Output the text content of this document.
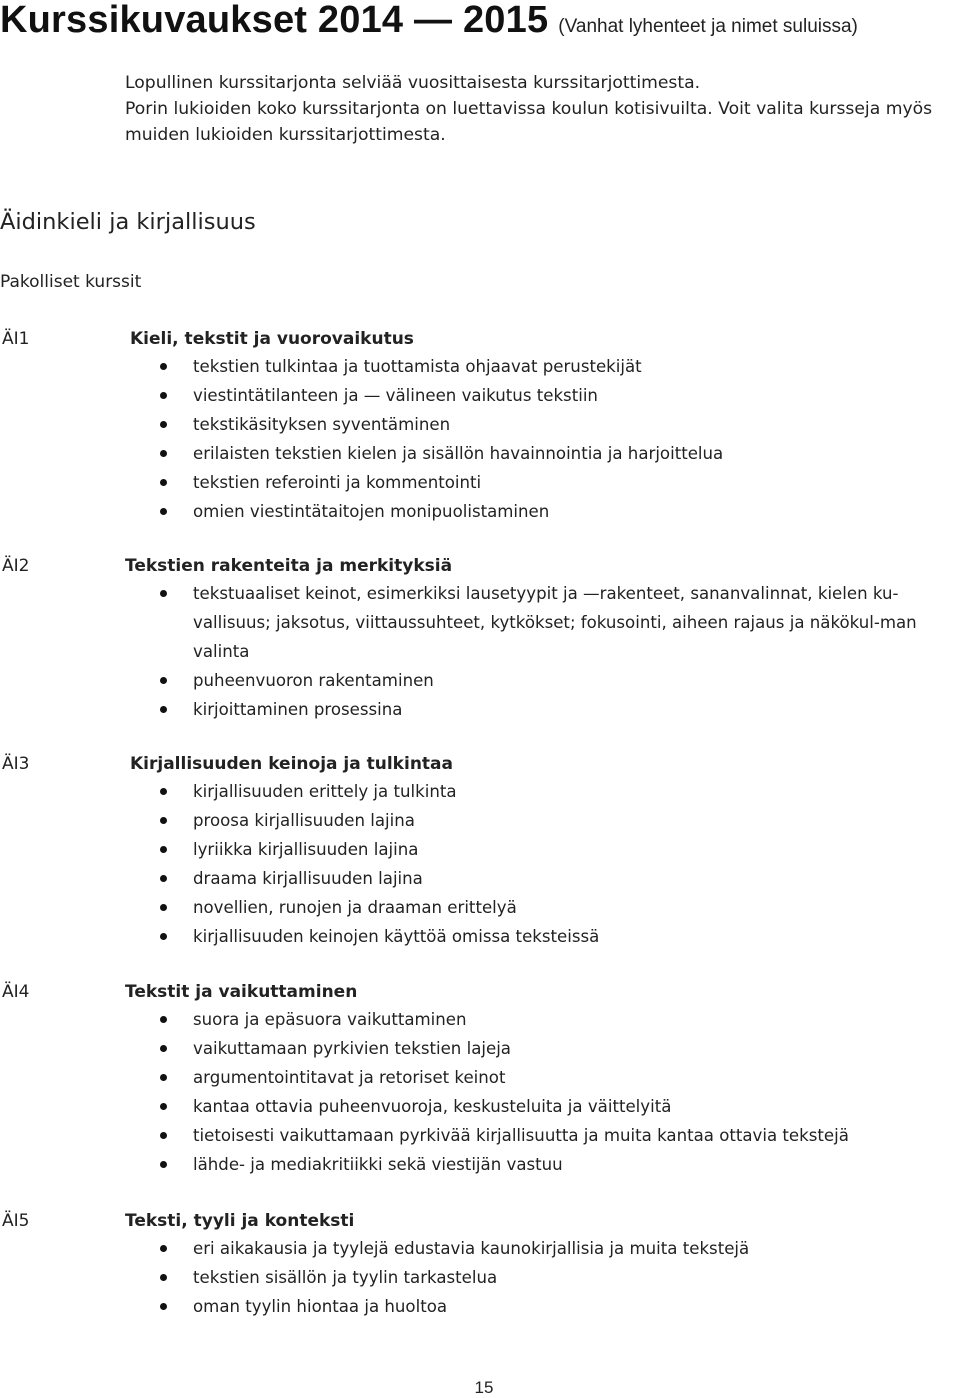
Kurssikuvaukset 2014 — 2015 (Vanhat lyhenteet ja nimet suluissa)

Lopullinen kurssitarjonta selviää vuosittaisesta kurssitarjottimesta.

Porin lukioiden koko kurssitarjonta on luettavissa koulun kotisivuilta. Voit valita kursseja myös muiden lukioiden kurssitarjottimesta.

Äidinkieli ja kirjallisuus
Pakolliset kurssit
ÄI1	Kieli, tekstit ja vuorovaikutus
tekstien tulkintaa ja tuottamista ohjaavat perustekijät
viestintätilanteen ja — välineen vaikutus tekstiin
tekstikäsityksen syventäminen
erilaisten tekstien kielen ja sisällön havainnointia ja harjoittelua
tekstien referointi ja kommentointi
omien viestintätaitojen monipuolistaminen
ÄI2	Tekstien rakenteita ja merkityksiä
tekstuaaliset keinot, esimerkiksi lausetyypit ja —rakenteet, sananvalinnat, kielen ku-vallisuus; jaksotus, viittaussuhteet, kytkökset; fokusointi, aiheen rajaus ja näkökul-man valinta
puheenvuoron rakentaminen
kirjoittaminen prosessina
ÄI3	Kirjallisuuden keinoja ja tulkintaa
kirjallisuuden erittely ja tulkinta
proosa kirjallisuuden lajina
lyriikka kirjallisuuden lajina
draama kirjallisuuden lajina
novellien, runojen ja draaman erittelyä
kirjallisuuden keinojen käyttöä omissa teksteissä
ÄI4	Tekstit ja vaikuttaminen
suora ja epäsuora vaikuttaminen
vaikuttamaan pyrkivien tekstien lajeja
argumentointitavat ja retoriset keinot
kantaa ottavia puheenvuoroja, keskusteluita ja väittelyitä
tietoisesti vaikuttamaan pyrkivää kirjallisuutta ja muita kantaa ottavia tekstejä
lähde- ja mediakritiikki sekä viestijän vastuu
ÄI5	Teksti, tyyli ja konteksti
eri aikakausia ja tyylejä edustavia kaunokirjallisia ja muita tekstejä
tekstien sisällön ja tyylin tarkastelua
oman tyylin hiontaa ja huoltoa
15
